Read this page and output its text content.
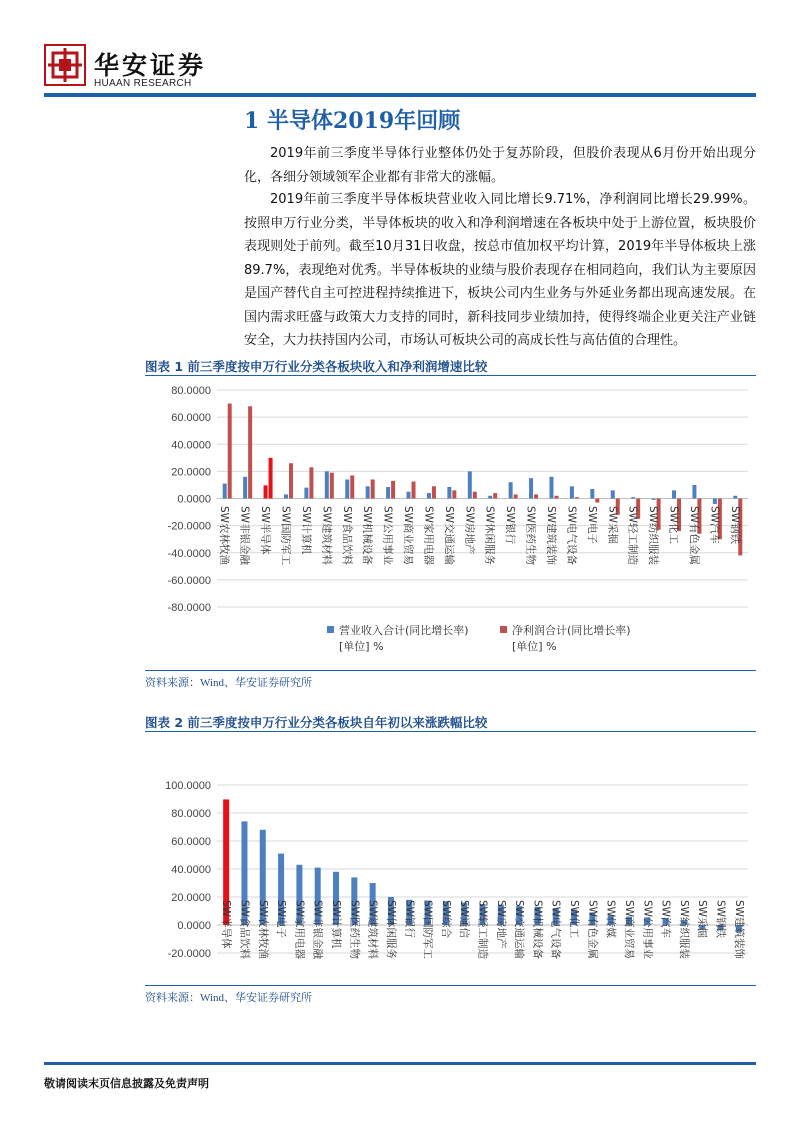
华安证券
HUAAN RESEARCH
1 半导体2019年回顾
2019年前三季度半导体行业整体仍处于复苏阶段，但股价表现从6月份开始出现分化，各细分领域领军企业都有非常大的涨幅。
2019年前三季度半导体板块营业收入同比增长9.71%，净利润同比增长29.99%。按照申万行业分类，半导体板块的收入和净利润增速在各板块中处于上游位置，板块股价表现则处于前列。截至10月31日收盘，按总市值加权平均计算，2019年半导体板块上涨89.7%，表现绝对优秀。半导体板块的业绩与股价表现存在相同趋向，我们认为主要原因是国产替代自主可控进程持续推进下，板块公司内生业务与外延业务都出现高速发展。在国内需求旺盛与政策大力支持的同时，新科技同步业绩加持，使得终端企业更关注产业链安全，大力扶持国内公司，市场认可板块公司的高成长性与高估值的合理性。
图表 1 前三季度按申万行业分类各板块收入和净利润增速比较
80.0000
60.0000
40.0000
20.0000
0.0000
-20.0000
-40.0000
-60.0000
-80.0000
SW农林牧渔 SW非银金融 SW半导体 SW国防军工 SW计算机 SW建筑材料 SW食品饮料 SW机械设备 SW公用事业 SW商业贸易 SW家用电器 SW交通运输 SW房地产 SW休闲服务 SW银行 SW医药生物 SW建筑装饰 SW电气设备 SW电子 SW采掘 SW轻工制造 SW纺织服装 SW化工 SW有色金属 SW汽车 SW钢铁
营业收入合计(同比增长率)
[单位] %
净利润合计(同比增长率)
[单位] %
资料来源：Wind、华安证券研究所
图表 2 前三季度按申万行业分类各板块自年初以来涨跌幅比较
100.0000
80.0000
60.0000
40.0000
20.0000
0.0000
-20.0000
SW半导体 SW食品饮料 SW农林牧渔 SW电子 SW家用电器 SW非银金融 SW计算机 SW医药生物 SW建筑材料 SW休闲服务 SW银行 SW国防军工 SW综合 SW通信 SW轻工制造 SW房地产 SW交通运输 SW机械设备 SW电气设备 SW化工 SW有色金属 SW传媒 SW商业贸易 SW公用事业 SW汽车 SW纺织服装 SW采掘 SW钢铁 SW建筑装饰
资料来源：Wind、华安证券研究所
敬请阅读末页信息披露及免责声明
